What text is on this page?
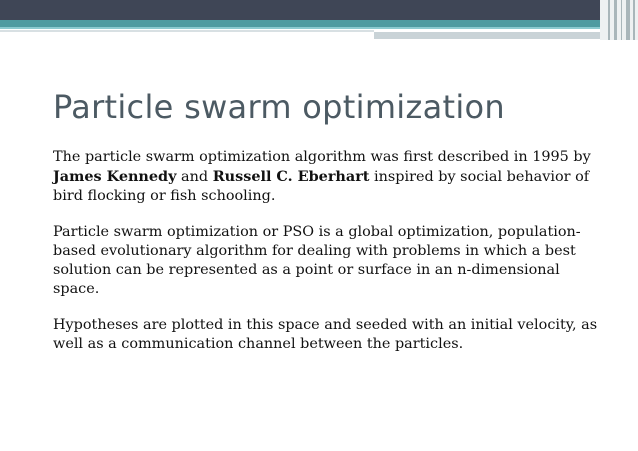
Particle swarm optimization

The particle swarm optimization algorithm was first described in 1995 by James Kennedy and Russell C. Eberhart inspired by social behavior of bird flocking or fish schooling.

Particle swarm optimization or PSO is a global optimization, population-based evolutionary algorithm for dealing with problems in which a best solution can be represented as a point or surface in an n-dimensional space.

Hypotheses are plotted in this space and seeded with an initial velocity, as well as a communication channel between the particles.
